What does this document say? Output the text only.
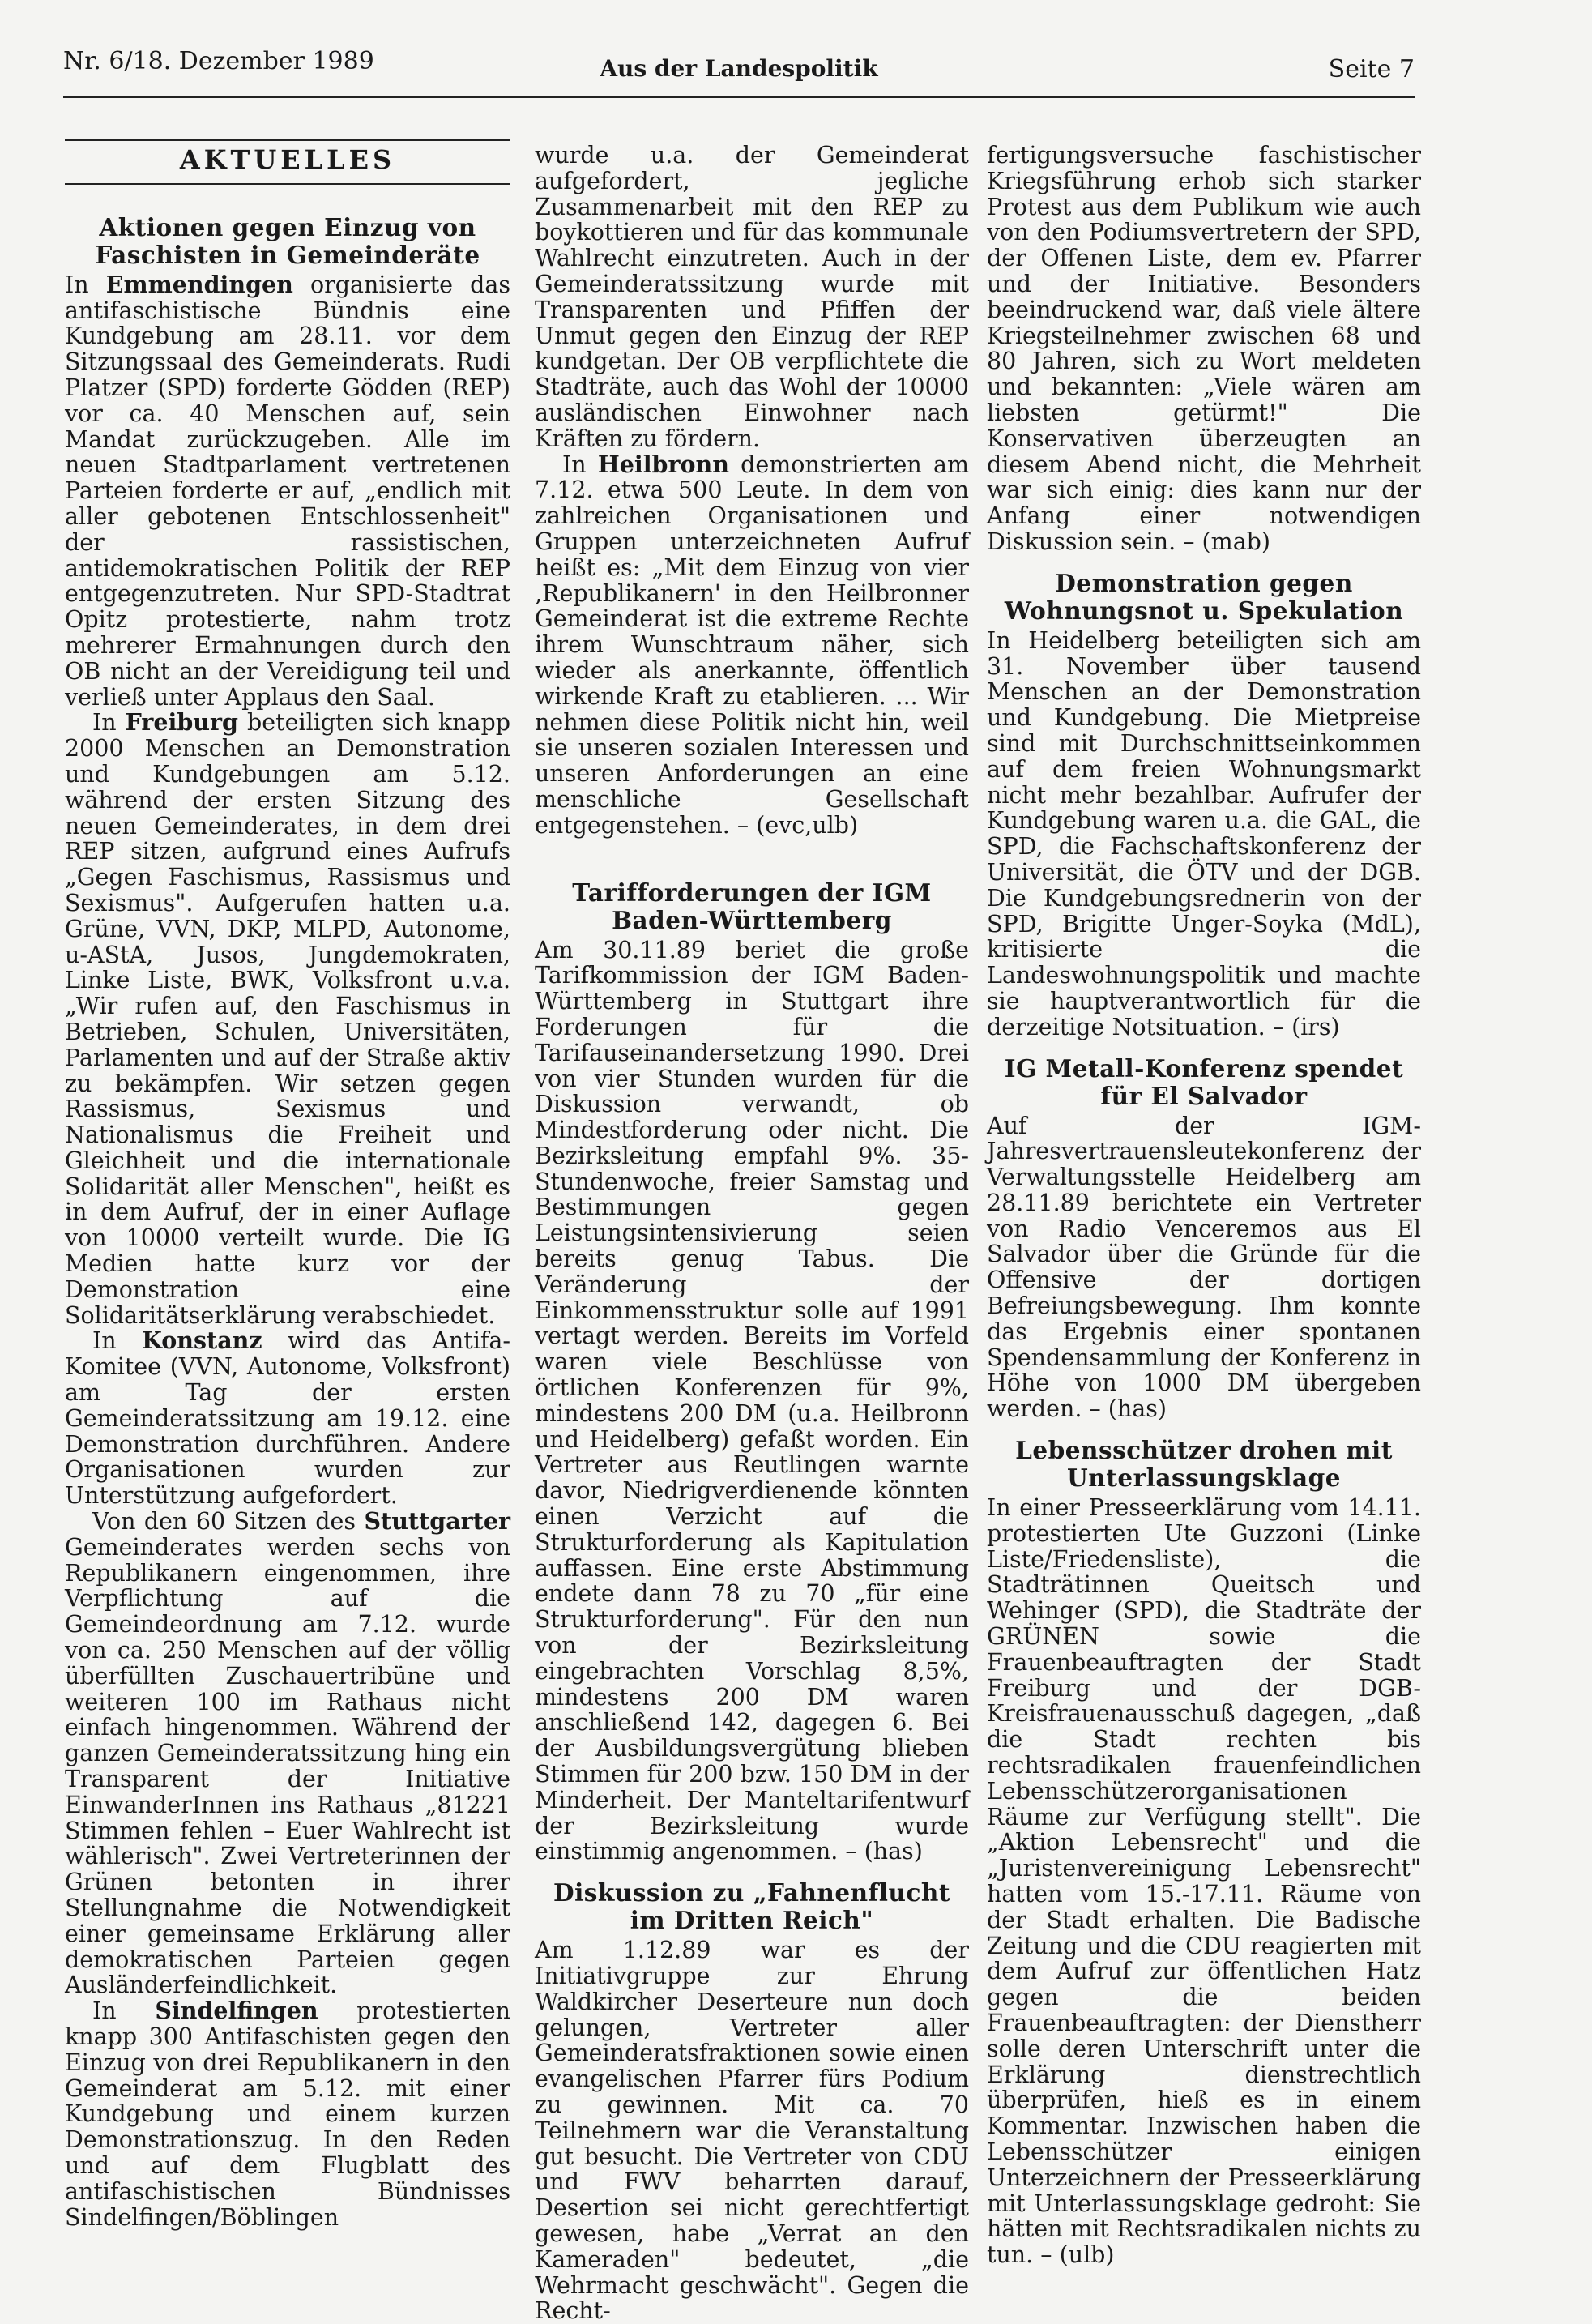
Nr. 6/18. Dezember 1989	Aus der Landespolitik	Seite 7
AKTUELLES
Aktionen gegen Einzug von Faschisten in Gemeinderäte

In Emmendingen organisierte das antifaschistische Bündnis eine Kundgebung am 28.11. vor dem Sitzungssaal des Gemeinderats. Rudi Platzer (SPD) forderte Gödden (REP) vor ca. 40 Menschen auf, sein Mandat zurückzugeben. Alle im neuen Stadtparlament vertretenen Parteien forderte er auf, „endlich mit aller gebotenen Entschlossenheit" der rassistischen, antidemokratischen Politik der REP entgegenzutreten. Nur SPD-Stadtrat Opitz protestierte, nahm trotz mehrerer Ermahnungen durch den OB nicht an der Vereidigung teil und verließ unter Applaus den Saal.

In Freiburg beteiligten sich knapp 2000 Menschen an Demonstration und Kundgebungen am 5.12. während der ersten Sitzung des neuen Gemeinderates, in dem drei REP sitzen, aufgrund eines Aufrufs „Gegen Faschismus, Rassismus und Sexismus". Aufgerufen hatten u.a. Grüne, VVN, DKP, MLPD, Autonome, u-AStA, Jusos, Jungdemokraten, Linke Liste, BWK, Volksfront u.v.a. „Wir rufen auf, den Faschismus in Betrieben, Schulen, Universitäten, Parlamenten und auf der Straße aktiv zu bekämpfen. Wir setzen gegen Rassismus, Sexismus und Nationalismus die Freiheit und Gleichheit und die internationale Solidarität aller Menschen", heißt es in dem Aufruf, der in einer Auflage von 10000 verteilt wurde. Die IG Medien hatte kurz vor der Demonstration eine Solidaritätserklärung verabschiedet.

In Konstanz wird das Antifa-Komitee (VVN, Autonome, Volksfront) am Tag der ersten Gemeinderatssitzung am 19.12. eine Demonstration durchführen. Andere Organisationen wurden zur Unterstützung aufgefordert.

Von den 60 Sitzen des Stuttgarter Gemeinderates werden sechs von Republikanern eingenommen, ihre Verpflichtung auf die Gemeindeordnung am 7.12. wurde von ca. 250 Menschen auf der völlig überfüllten Zuschauertribüne und weiteren 100 im Rathaus nicht einfach hingenommen. Während der ganzen Gemeinderatssitzung hing ein Transparent der Initiative EinwanderInnen ins Rathaus „81221 Stimmen fehlen – Euer Wahlrecht ist wählerisch". Zwei Vertreterinnen der Grünen betonten in ihrer Stellungnahme die Notwendigkeit einer gemeinsame Erklärung aller demokratischen Parteien gegen Ausländerfeindlichkeit.

In Sindelfingen protestierten knapp 300 Antifaschisten gegen den Einzug von drei Republikanern in den Gemeinderat am 5.12. mit einer Kundgebung und einem kurzen Demonstrationszug. In den Reden und auf dem Flugblatt des antifaschistischen Bündnisses Sindelfingen/Böblingen

wurde u.a. der Gemeinderat aufgefordert, jegliche Zusammenarbeit mit den REP zu boykottieren und für das kommunale Wahlrecht einzutreten. Auch in der Gemeinderatssitzung wurde mit Transparenten und Pfiffen der Unmut gegen den Einzug der REP kundgetan. Der OB verpflichtete die Stadträte, auch das Wohl der 10000 ausländischen Einwohner nach Kräften zu fördern.

In Heilbronn demonstrierten am 7.12. etwa 500 Leute. In dem von zahlreichen Organisationen und Gruppen unterzeichneten Aufruf heißt es: „Mit dem Einzug von vier ‚Republikanern' in den Heilbronner Gemeinderat ist die extreme Rechte ihrem Wunschtraum näher, sich wieder als anerkannte, öffentlich wirkende Kraft zu etablieren. ... Wir nehmen diese Politik nicht hin, weil sie unseren sozialen Interessen und unseren Anforderungen an eine menschliche Gesellschaft entgegenstehen. – (evc,ulb)

Tarifforderungen der IGM Baden-Württemberg

Am 30.11.89 beriet die große Tarifkommission der IGM Baden-Württemberg in Stuttgart ihre Forderungen für die Tarifauseinandersetzung 1990. Drei von vier Stunden wurden für die Diskussion verwandt, ob Mindestforderung oder nicht. Die Bezirksleitung empfahl 9%. 35-Stundenwoche, freier Samstag und Bestimmungen gegen Leistungsintensivierung seien bereits genug Tabus. Die Veränderung der Einkommensstruktur solle auf 1991 vertagt werden. Bereits im Vorfeld waren viele Beschlüsse von örtlichen Konferenzen für 9%, mindestens 200 DM (u.a. Heilbronn und Heidelberg) gefaßt worden. Ein Vertreter aus Reutlingen warnte davor, Niedrigverdienende könnten einen Verzicht auf die Strukturforderung als Kapitulation auffassen. Eine erste Abstimmung endete dann 78 zu 70 „für eine Strukturforderung". Für den nun von der Bezirksleitung eingebrachten Vorschlag 8,5%, mindestens 200 DM waren anschließend 142, dagegen 6. Bei der Ausbildungsvergütung blieben Stimmen für 200 bzw. 150 DM in der Minderheit. Der Manteltarifentwurf der Bezirksleitung wurde einstimmig angenommen. – (has)

Diskussion zu „Fahnenflucht im Dritten Reich"

Am 1.12.89 war es der Initiativgruppe zur Ehrung Waldkircher Deserteure nun doch gelungen, Vertreter aller Gemeinderatsfraktionen sowie einen evangelischen Pfarrer fürs Podium zu gewinnen. Mit ca. 70 Teilnehmern war die Veranstaltung gut besucht. Die Vertreter von CDU und FWV beharrten darauf, Desertion sei nicht gerechtfertigt gewesen, habe „Verrat an den Kameraden" bedeutet, „die Wehrmacht geschwächt". Gegen die Recht-

fertigungsversuche faschistischer Kriegsführung erhob sich starker Protest aus dem Publikum wie auch von den Podiumsvertretern der SPD, der Offenen Liste, dem ev. Pfarrer und der Initiative. Besonders beeindruckend war, daß viele ältere Kriegsteilnehmer zwischen 68 und 80 Jahren, sich zu Wort meldeten und bekannten: „Viele wären am liebsten getürmt!" Die Konservativen überzeugten an diesem Abend nicht, die Mehrheit war sich einig: dies kann nur der Anfang einer notwendigen Diskussion sein. – (mab)

Demonstration gegen Wohnungsnot u. Spekulation

In Heidelberg beteiligten sich am 31. November über tausend Menschen an der Demonstration und Kundgebung. Die Mietpreise sind mit Durchschnittseinkommen auf dem freien Wohnungsmarkt nicht mehr bezahlbar. Aufrufer der Kundgebung waren u.a. die GAL, die SPD, die Fachschaftskonferenz der Universität, die ÖTV und der DGB. Die Kundgebungsrednerin von der SPD, Brigitte Unger-Soyka (MdL), kritisierte die Landeswohnungspolitik und machte sie hauptverantwortlich für die derzeitige Notsituation. – (irs)

IG Metall-Konferenz spendet für El Salvador

Auf der IGM-Jahresvertrauensleutekonferenz der Verwaltungsstelle Heidelberg am 28.11.89 berichtete ein Vertreter von Radio Venceremos aus El Salvador über die Gründe für die Offensive der dortigen Befreiungsbewegung. Ihm konnte das Ergebnis einer spontanen Spendensammlung der Konferenz in Höhe von 1000 DM übergeben werden. – (has)

Lebensschützer drohen mit Unterlassungsklage

In einer Presseerklärung vom 14.11. protestierten Ute Guzzoni (Linke Liste/Friedensliste), die Stadträtinnen Queitsch und Wehinger (SPD), die Stadträte der GRÜNEN sowie die Frauenbeauftragten der Stadt Freiburg und der DGB-Kreisfrauenausschuß dagegen, „daß die Stadt rechten bis rechtsradikalen frauenfeindlichen Lebensschützerorganisationen Räume zur Verfügung stellt". Die „Aktion Lebensrecht" und die „Juristenvereinigung Lebensrecht" hatten vom 15.-17.11. Räume von der Stadt erhalten. Die Badische Zeitung und die CDU reagierten mit dem Aufruf zur öffentlichen Hatz gegen die beiden Frauenbeauftragten: der Dienstherr solle deren Unterschrift unter die Erklärung dienstrechtlich überprüfen, hieß es in einem Kommentar. Inzwischen haben die Lebensschützer einigen Unterzeichnern der Presseerklärung mit Unterlassungsklage gedroht: Sie hätten mit Rechtsradikalen nichts zu tun. – (ulb)
